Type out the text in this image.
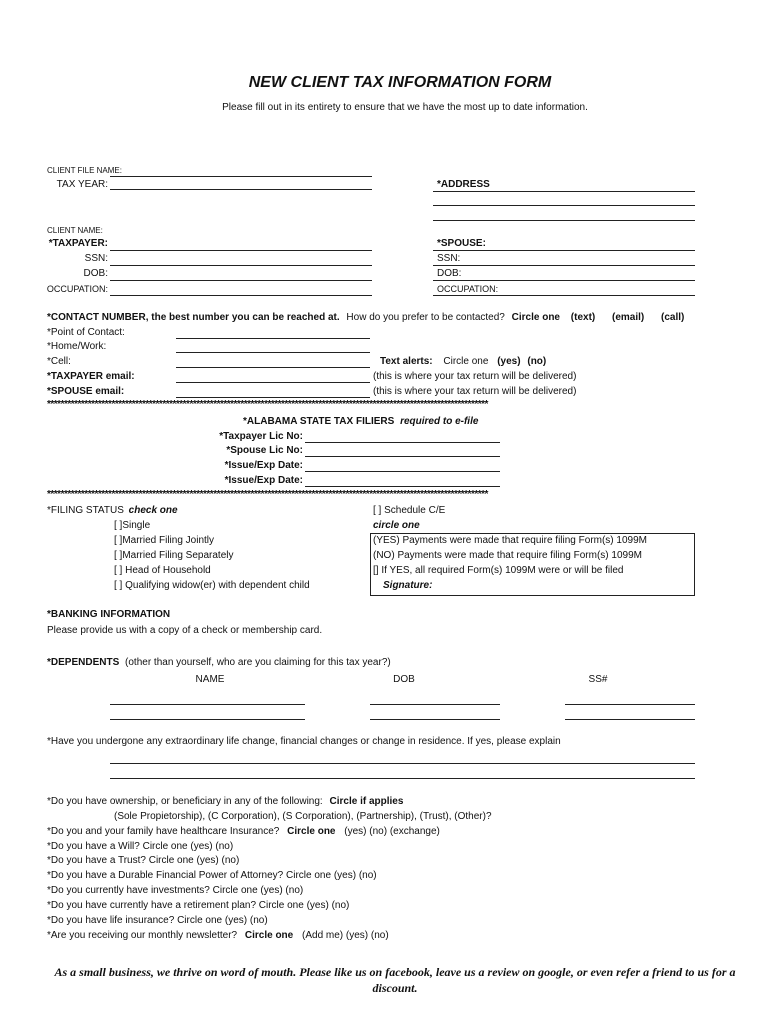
NEW CLIENT TAX INFORMATION FORM
Please fill out in its entirety to ensure that we have the most up to date information.
CLIENT FILE NAME:
TAX YEAR:	*ADDRESS
CLIENT NAME:
*TAXPAYER:
SSN:
DOB:
OCCUPATION:
*SPOUSE:
SSN:
DOB:
OCCUPATION:
*CONTACT NUMBER, the best number you can be reached at. How do you prefer to be contacted? Circle one (text) (email) (call)
*Point of Contact:
*Home/Work:
*Cell:	Text alerts: Circle one (yes) (no)
*TAXPAYER email:	(this is where your tax return will be delivered)
*SPOUSE email:	(this is where your tax return will be delivered)
**********************************************************************************************************************************
*ALABAMA STATE TAX FILIERS required to e-file
*Taxpayer Lic No:
*Spouse Lic No:
*Issue/Exp Date:
*Issue/Exp Date:
**********************************************************************************************************************************
*FILING STATUS check one
[ ]Single
[ ]Married Filing Jointly
[ ]Married Filing Separately
[ ] Head of Household
[ ] Qualifying widow(er) with dependent child
[ ] Schedule C/E
circle one
(YES) Payments were made that require filing Form(s) 1099M
(NO) Payments were made that require filing Form(s) 1099M
[] If YES, all required Form(s) 1099M were or will be filed
Signature:
*BANKING INFORMATION
Please provide us with a copy of a check or membership card.
*DEPENDENTS (other than yourself, who are you claiming for this tax year?)
NAME	DOB	SS#
*Have you undergone any extraordinary life change, financial changes or change in residence. If yes, please explain
*Do you have ownership, or beneficiary in any of the following: Circle if applies
(Sole Propietorship), (C Corporation), (S Corporation), (Partnership), (Trust), (Other)?
*Do you and your family have healthcare Insurance? Circle one (yes) (no) (exchange)
*Do you have a Will? Circle one (yes) (no)
*Do you have a Trust? Circle one (yes) (no)
*Do you have a Durable Financial Power of Attorney? Circle one (yes) (no)
*Do you currently have investments? Circle one (yes) (no)
*Do you have currently have a retirement plan? Circle one (yes) (no)
*Do you have life insurance? Circle one (yes) (no)
*Are you receiving our monthly newsletter? Circle one (Add me) (yes) (no)
As a small business, we thrive on word of mouth. Please like us on facebook, leave us a review on google, or even refer a friend to us for a discount.
